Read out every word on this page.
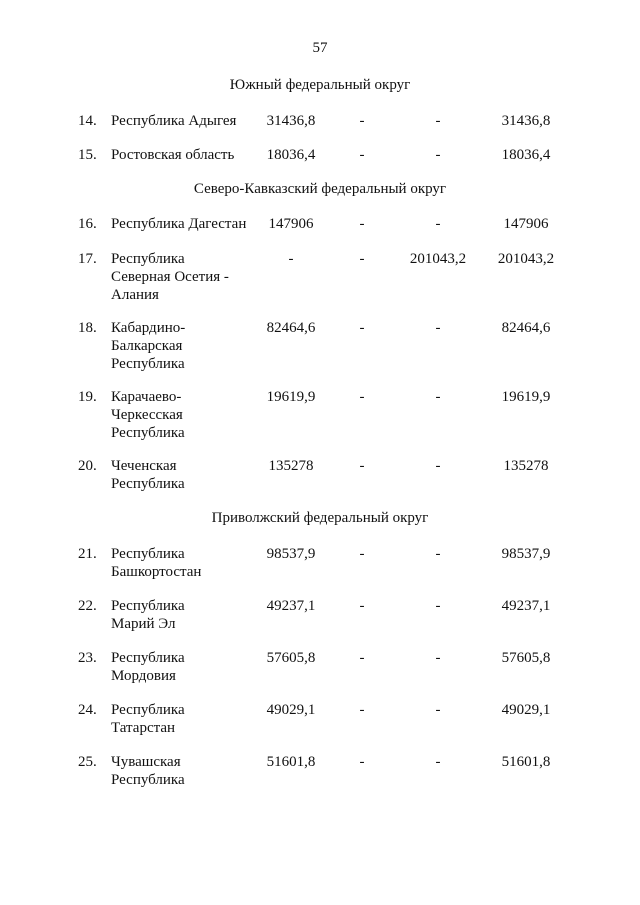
57
Южный федеральный округ
14. Республика Адыгея	31436,8	-	-	31436,8
15. Ростовская область	18036,4	-	-	18036,4
Северо-Кавказский федеральный округ
16. Республика Дагестан	147906	-	-	147906
17. Республика
Северная Осетия -
Алания
-	-	201043,2	201043,2
18. Кабардино-
Балкарская
Республика
82464,6	-	-	82464,6
19. Карачаево-
Черкесская
Республика
19619,9	-	-	19619,9
20. Чеченская
Республика
135278	-	-	135278
Приволжский федеральный округ
21. Республика
Башкортостан
98537,9	-	-	98537,9
22. Республика
Марий Эл
49237,1	-	-	49237,1
23. Республика
Мордовия
57605,8	-	-	57605,8
24. Республика
Татарстан
49029,1	-	-	49029,1
25. Чувашская
Республика
51601,8	-	-	51601,8
